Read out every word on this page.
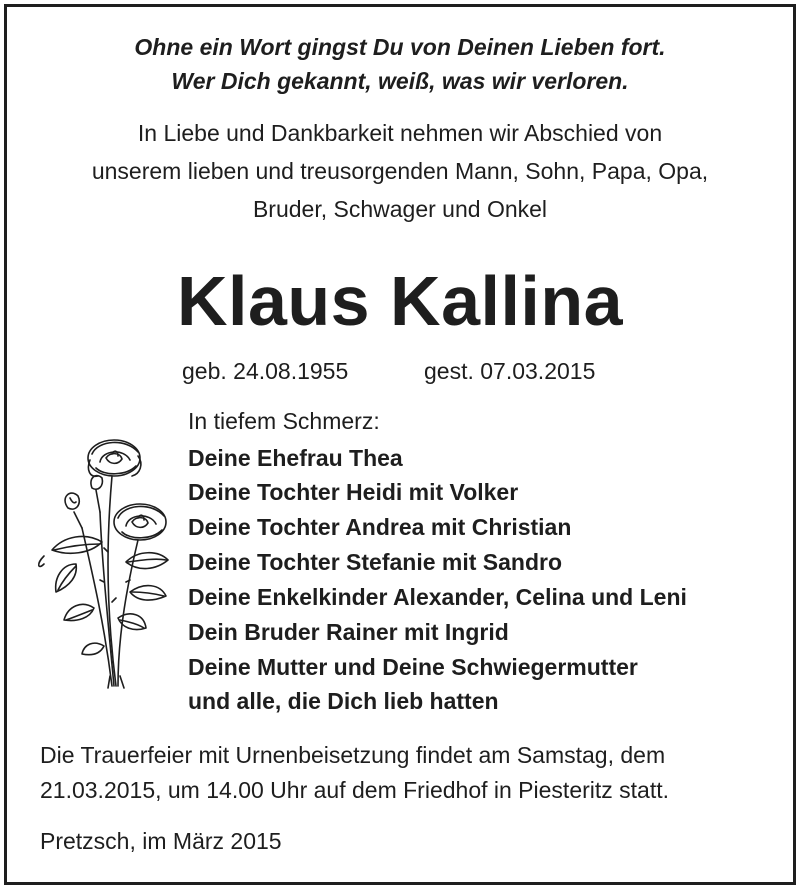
Ohne ein Wort gingst Du von Deinen Lieben fort.
Wer Dich gekannt, weiß, was wir verloren.
In Liebe und Dankbarkeit nehmen wir Abschied von
unserem lieben und treusorgenden Mann, Sohn, Papa, Opa,
Bruder, Schwager und Onkel
Klaus Kallina
geb. 24.08.1955	gest. 07.03.2015
In tiefem Schmerz:
Deine Ehefrau Thea
Deine Tochter Heidi mit Volker
Deine Tochter Andrea mit Christian
Deine Tochter Stefanie mit Sandro
Deine Enkelkinder Alexander, Celina und Leni
Dein Bruder Rainer mit Ingrid
Deine Mutter und Deine Schwiegermutter
und alle, die Dich lieb hatten
Die Trauerfeier mit Urnenbeisetzung findet am Samstag, dem
21.03.2015, um 14.00 Uhr auf dem Friedhof in Piesteritz statt.
Pretzsch, im März 2015
